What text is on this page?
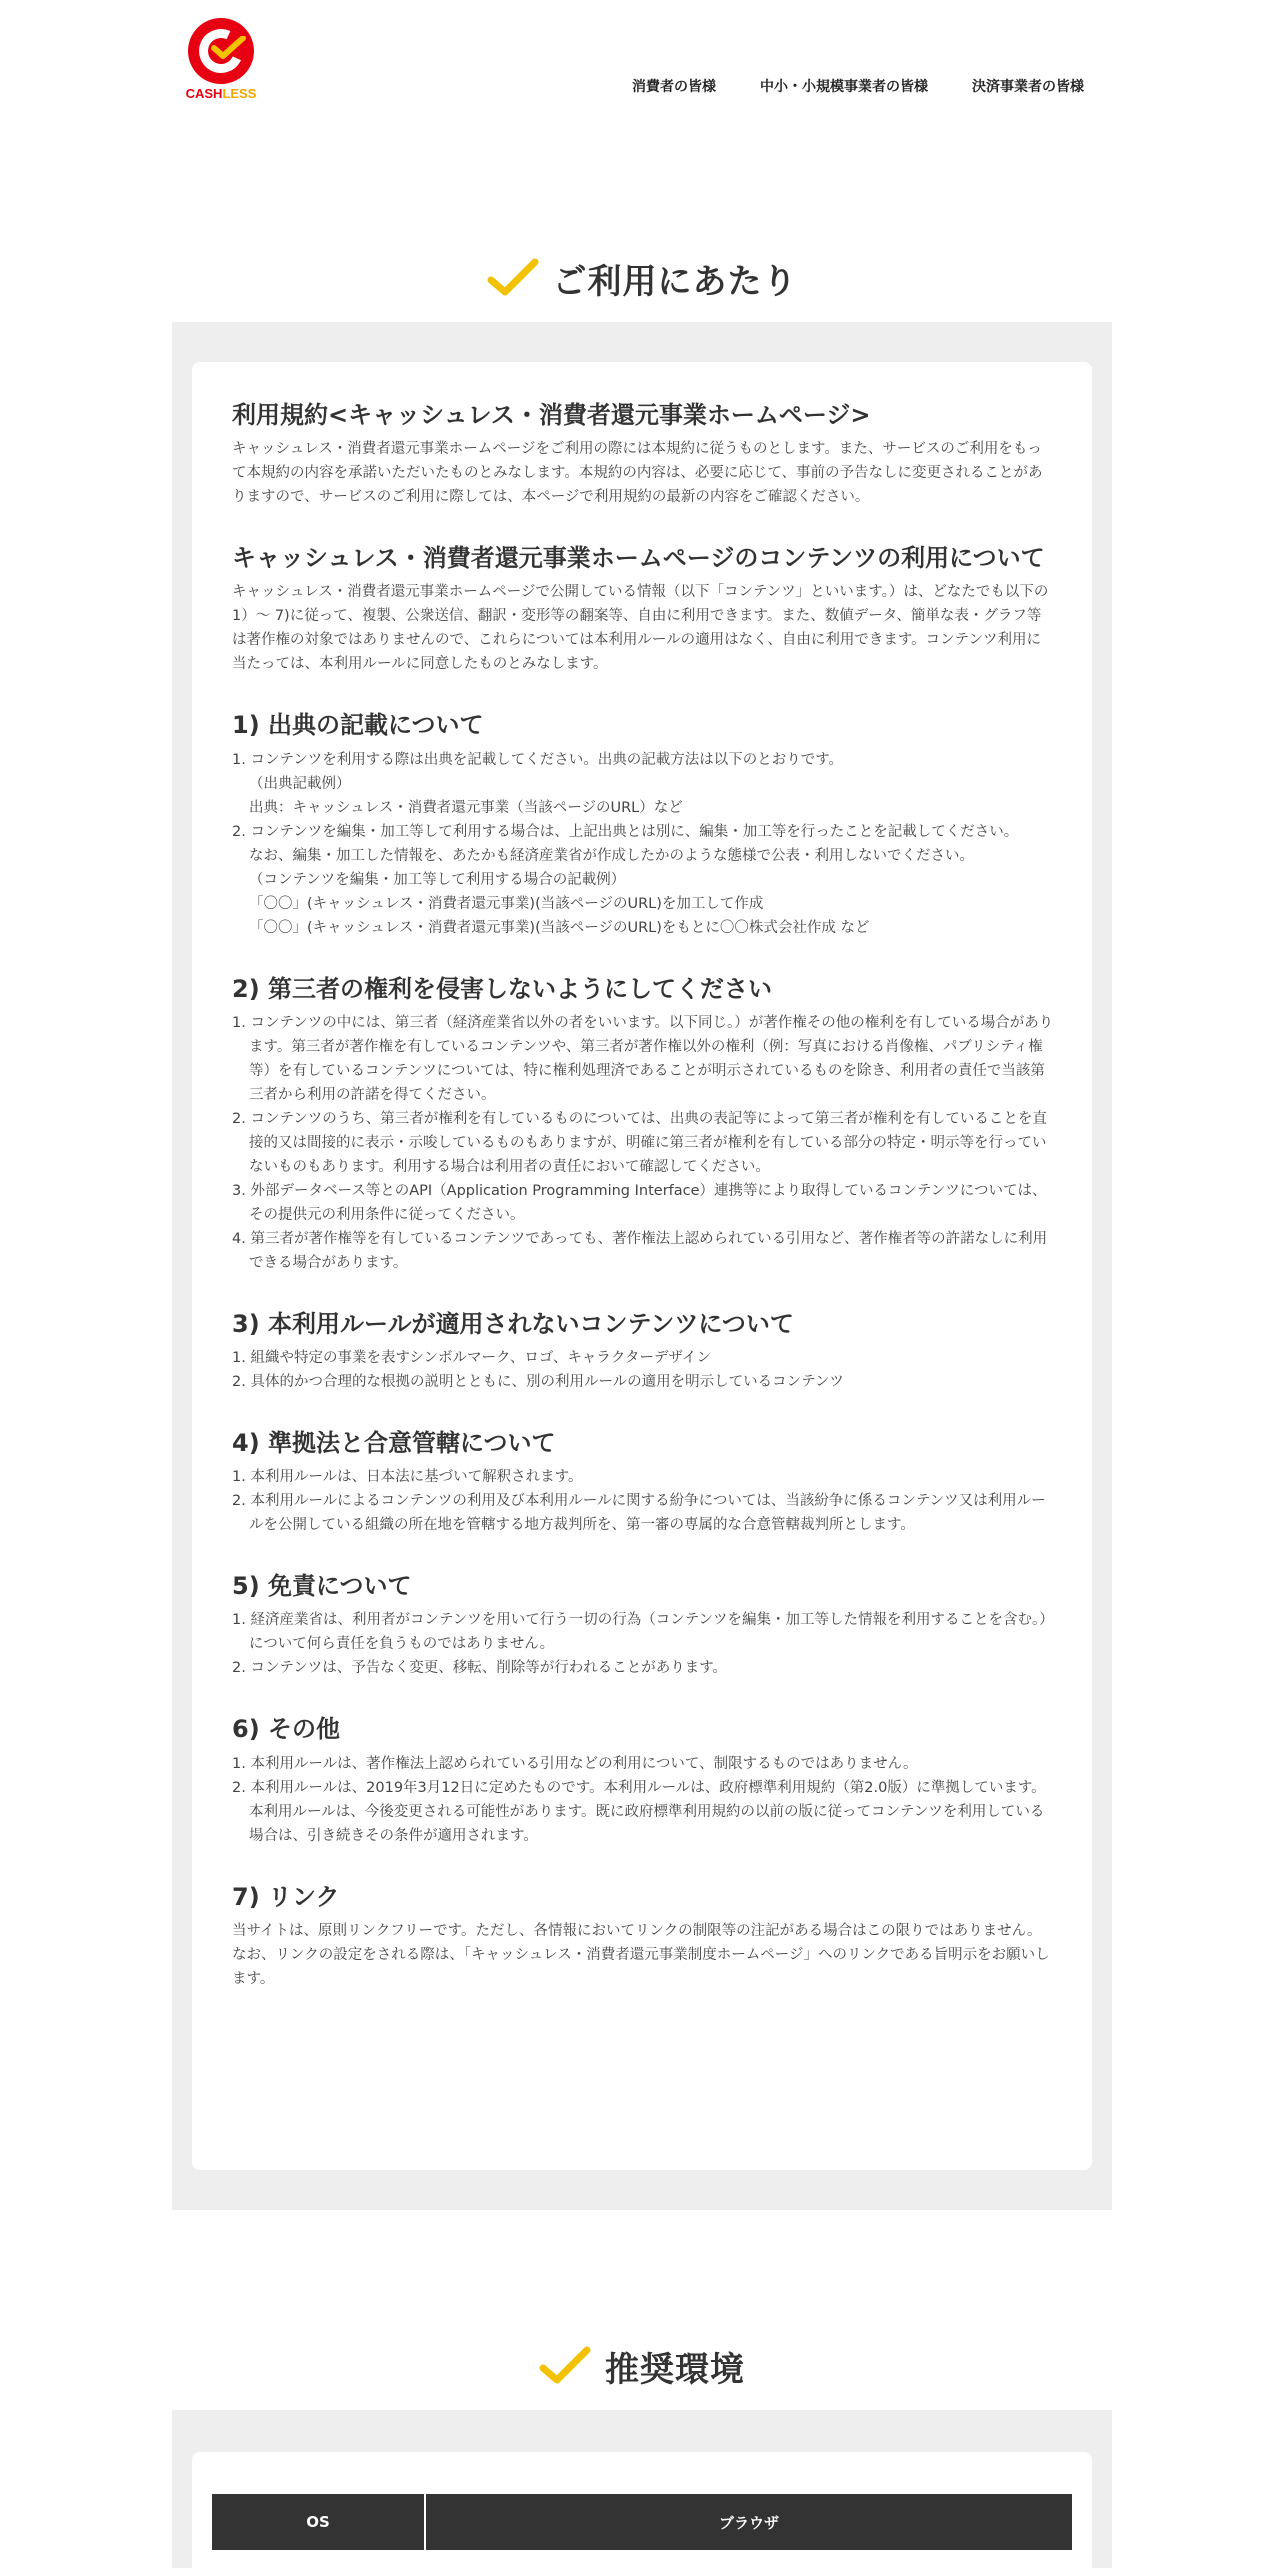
CASHLESS	消費者の皆様	中小・小規模事業者の皆様	決済事業者の皆様
ご利用にあたり
利用規約<キャッシュレス・消費者還元事業ホームページ>

キャッシュレス・消費者還元事業ホームページをご利用の際には本規約に従うものとします。また、サービスのご利用をもって本規約の内容を承諾いただいたものとみなします。本規約の内容は、必要に応じて、事前の予告なしに変更されることがありますので、サービスのご利用に際しては、本ページで利用規約の最新の内容をご確認ください。

キャッシュレス・消費者還元事業ホームページのコンテンツの利用について

キャッシュレス・消費者還元事業ホームページで公開している情報（以下「コンテンツ」といいます。）は、どなたでも以下の1）〜 7)に従って、複製、公衆送信、翻訳・変形等の翻案等、自由に利用できます。また、数値データ、簡単な表・グラフ等は著作権の対象ではありませんので、これらについては本利用ルールの適用はなく、自由に利用できます。コンテンツ利用に当たっては、本利用ルールに同意したものとみなします。

1) 出典の記載について
1. コンテンツを利用する際は出典を記載してください。出典の記載方法は以下のとおりです。
（出典記載例）
出典：キャッシュレス・消費者還元事業（当該ページのURL）など
2. コンテンツを編集・加工等して利用する場合は、上記出典とは別に、編集・加工等を行ったことを記載してください。
なお、編集・加工した情報を、あたかも経済産業省が作成したかのような態様で公表・利用しないでください。
（コンテンツを編集・加工等して利用する場合の記載例）
「〇〇」(キャッシュレス・消費者還元事業)(当該ページのURL)を加工して作成
「〇〇」(キャッシュレス・消費者還元事業)(当該ページのURL)をもとに〇〇株式会社作成 など
2) 第三者の権利を侵害しないようにしてください
1. コンテンツの中には、第三者（経済産業省以外の者をいいます。以下同じ。）が著作権その他の権利を有している場合があります。第三者が著作権を有しているコンテンツや、第三者が著作権以外の権利（例：写真における肖像権、パブリシティ権等）を有しているコンテンツについては、特に権利処理済であることが明示されているものを除き、利用者の責任で当該第三者から利用の許諾を得てください。
2. コンテンツのうち、第三者が権利を有しているものについては、出典の表記等によって第三者が権利を有していることを直接的又は間接的に表示・示唆しているものもありますが、明確に第三者が権利を有している部分の特定・明示等を行っていないものもあります。利用する場合は利用者の責任において確認してください。
3. 外部データベース等とのAPI（Application Programming Interface）連携等により取得しているコンテンツについては、その提供元の利用条件に従ってください。
4. 第三者が著作権等を有しているコンテンツであっても、著作権法上認められている引用など、著作権者等の許諾なしに利用できる場合があります。
3) 本利用ルールが適用されないコンテンツについて
1. 組織や特定の事業を表すシンボルマーク、ロゴ、キャラクターデザイン
2. 具体的かつ合理的な根拠の説明とともに、別の利用ルールの適用を明示しているコンテンツ
4) 準拠法と合意管轄について
1. 本利用ルールは、日本法に基づいて解釈されます。
2. 本利用ルールによるコンテンツの利用及び本利用ルールに関する紛争については、当該紛争に係るコンテンツ又は利用ルールを公開している組織の所在地を管轄する地方裁判所を、第一審の専属的な合意管轄裁判所とします。
5) 免責について
1. 経済産業省は、利用者がコンテンツを用いて行う一切の行為（コンテンツを編集・加工等した情報を利用することを含む。）について何ら責任を負うものではありません。
2. コンテンツは、予告なく変更、移転、削除等が行われることがあります。
6) その他
1. 本利用ルールは、著作権法上認められている引用などの利用について、制限するものではありません。
2. 本利用ルールは、2019年3月12日に定めたものです。本利用ルールは、政府標準利用規約（第2.0版）に準拠しています。本利用ルールは、今後変更される可能性があります。既に政府標準利用規約の以前の版に従ってコンテンツを利用している場合は、引き続きその条件が適用されます。
7) リンク

当サイトは、原則リンクフリーです。ただし、各情報においてリンクの制限等の注記がある場合はこの限りではありません。なお、リンクの設定をされる際は、「キャッシュレス・消費者還元事業制度ホームページ」へのリンクである旨明示をお願いします。

推奨環境
OS	ブラウザ
